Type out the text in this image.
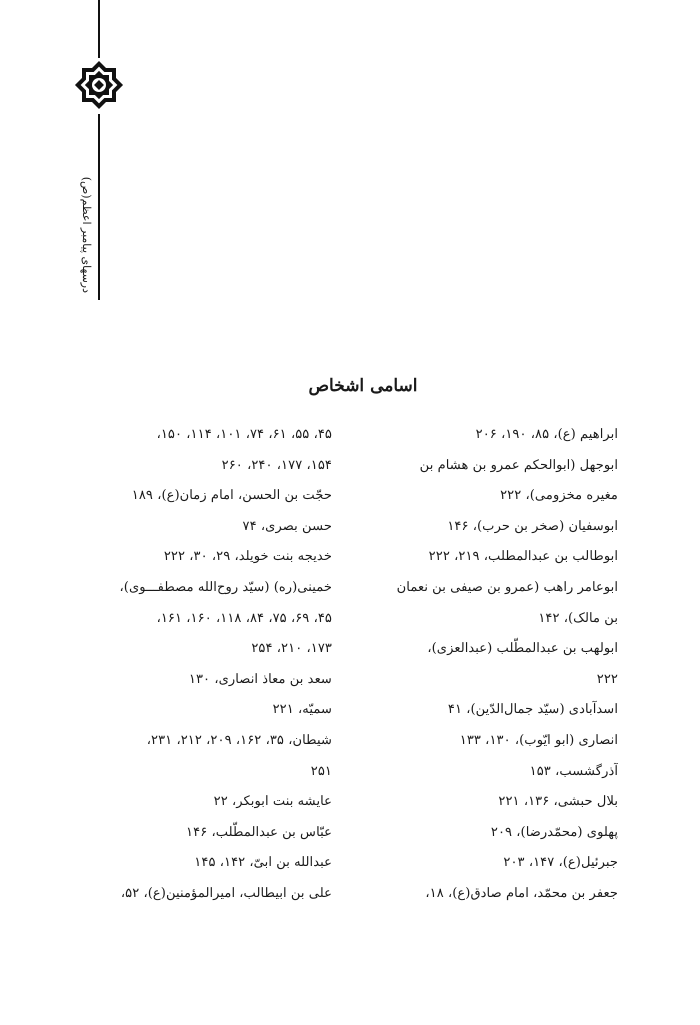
درسهای پیامبر اعظم(ص)
اسامی اشخاص
ابراهیم (ع)، ۸۵، ۱۹۰، ۲۰۶
ابوجهل (ابوالحکم عمرو بن هشام بن
مغیره مخزومی)، ۲۲۲
ابوسفیان (صخر بن حرب)، ۱۴۶
ابوطالب بن عبدالمطلب، ۲۱۹، ۲۲۲
ابوعامر راهب (عمرو بن صیفی بن نعمان
بن مالک)، ۱۴۲
ابولهب بن عبدالمطّلب (عبدالعزی)،
۲۲۲
اسدآبادی (سیّد جمال‌الدّین)، ۴۱
انصاری (ابو ایّوب)، ۱۳۰، ۱۳۳
آذرگشسب، ۱۵۳
بلال حبشی، ۱۳۶، ۲۲۱
پهلوی (محمّدرضا)، ۲۰۹
جبرئیل(ع)، ۱۴۷، ۲۰۳
جعفر بن محمّد، امام صادق(ع)، ۱۸،
۴۵، ۵۵، ۶۱، ۷۴، ۱۰۱، ۱۱۴، ۱۵۰،
۱۵۴، ۱۷۷، ۲۴۰، ۲۶۰
حجّت بن الحسن، امام زمان(ع)، ۱۸۹
حسن بصری، ۷۴
خدیجه بنت خویلد، ۲۹، ۳۰، ۲۲۲
خمینی(ره) (سیّد روح‌الله مصطفـــوی)،
۴۵، ۶۹، ۷۵، ۸۴، ۱۱۸، ۱۶۰، ۱۶۱،
۱۷۳، ۲۱۰، ۲۵۴
سعد بن معاذ انصاری، ۱۳۰
سمیّه، ۲۲۱
شیطان، ۳۵، ۱۶۲، ۲۰۹، ۲۱۲، ۲۳۱،
۲۵۱
عایشه بنت ابوبکر، ۲۲
عبّاس بن عبدالمطّلب، ۱۴۶
عبدالله بن ابیّ، ۱۴۲، ۱۴۵
علی بن ابیطالب، امیرالمؤمنین(ع)، ۵۲،
